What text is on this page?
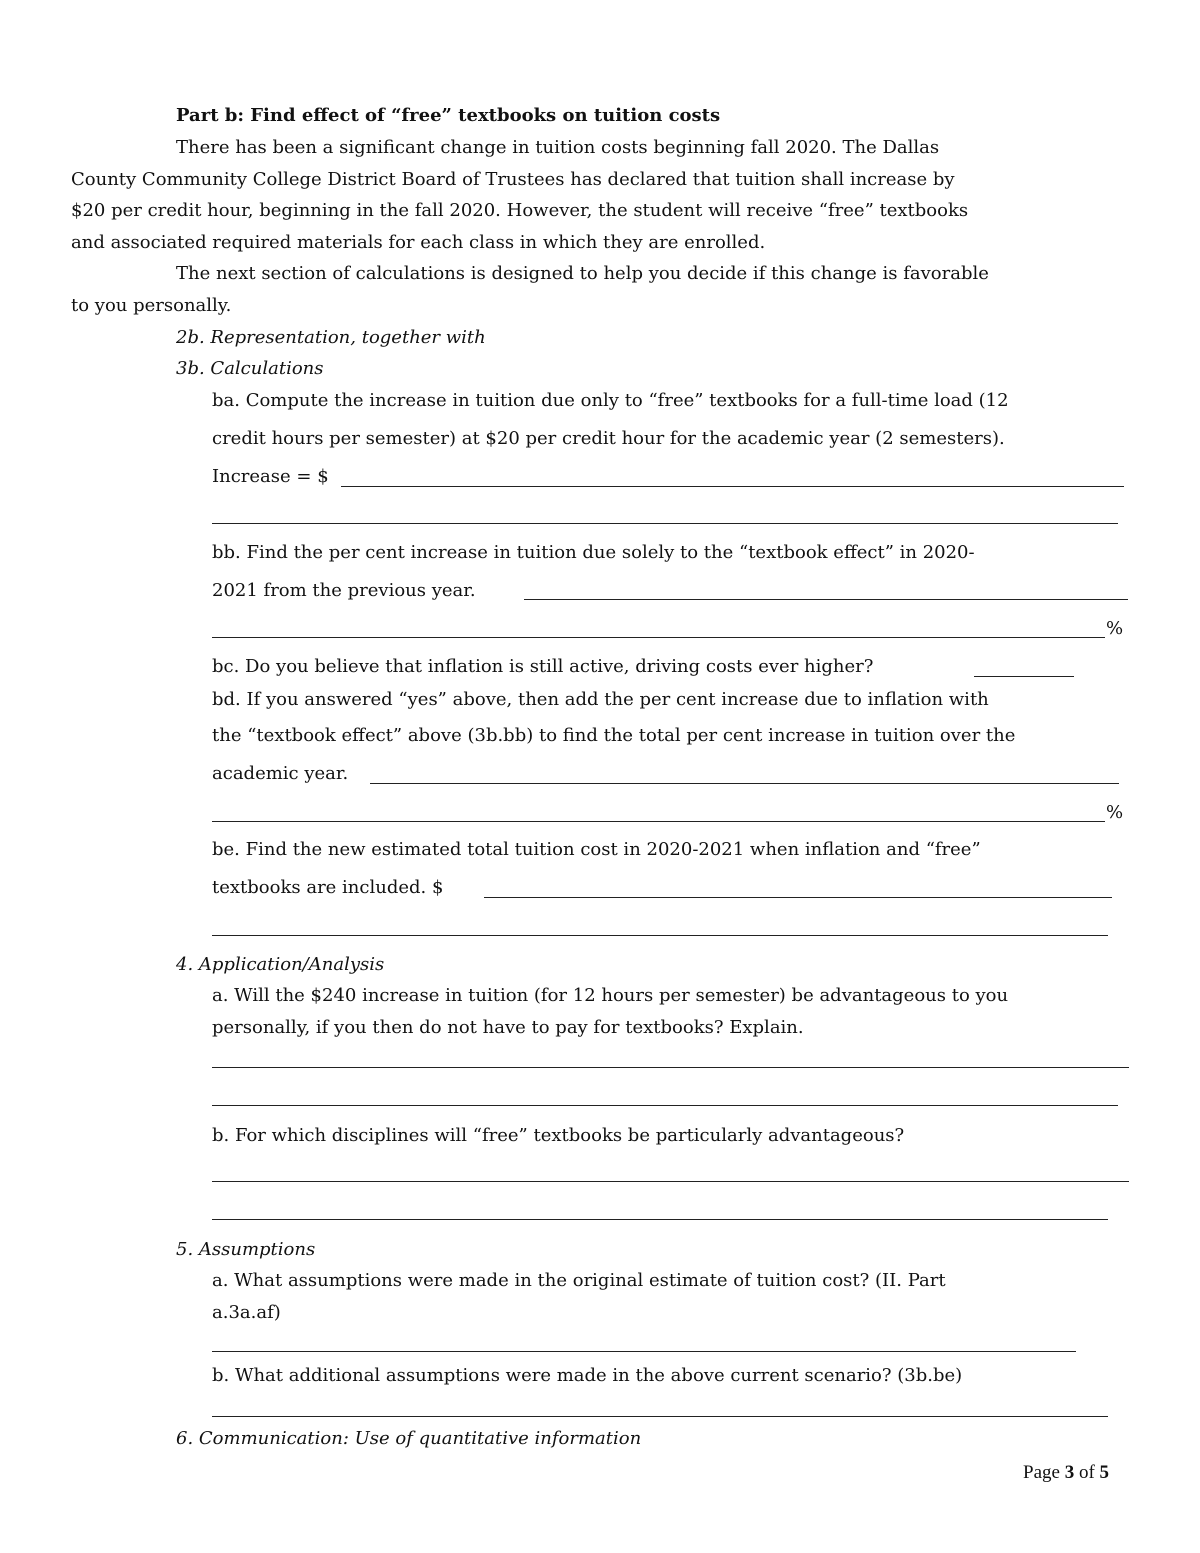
Part b: Find effect of “free” textbooks on tuition costs
There has been a significant change in tuition costs beginning fall 2020. The Dallas
County Community College District Board of Trustees has declared that tuition shall increase by
$20 per credit hour, beginning in the fall 2020. However, the student will receive “free” textbooks
and associated required materials for each class in which they are enrolled.
The next section of calculations is designed to help you decide if this change is favorable
to you personally.
2b. Representation, together with
3b. Calculations
ba. Compute the increase in tuition due only to “free” textbooks for a full-time load (12
credit hours per semester) at $20 per credit hour for the academic year (2 semesters).
Increase = $
bb. Find the per cent increase in tuition due solely to the “textbook effect” in 2020-
2021 from the previous year.
%
bc. Do you believe that inflation is still active, driving costs ever higher?
bd. If you answered “yes” above, then add the per cent increase due to inflation with
the “textbook effect” above (3b.bb) to find the total per cent increase in tuition over the
academic year.
%
be. Find the new estimated total tuition cost in 2020-2021 when inflation and “free”
textbooks are included. $
4. Application/Analysis
a. Will the $240 increase in tuition (for 12 hours per semester) be advantageous to you
personally, if you then do not have to pay for textbooks? Explain.
b. For which disciplines will “free” textbooks be particularly advantageous?
5. Assumptions
a. What assumptions were made in the original estimate of tuition cost? (II. Part
a.3a.af)
b. What additional assumptions were made in the above current scenario? (3b.be)
6. Communication: Use of quantitative information
Page 3 of 5
